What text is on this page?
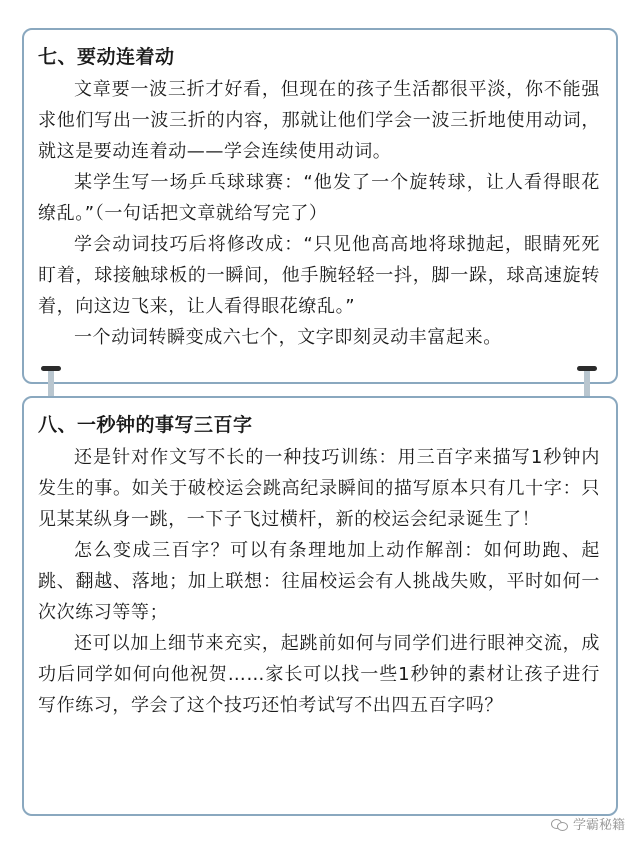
七、要动连着动

文章要一波三折才好看，但现在的孩子生活都很平淡，你不能强求他们写出一波三折的内容，那就让他们学会一波三折地使用动词，就这是要动连着动——学会连续使用动词。

某学生写一场乒乓球球赛：“他发了一个旋转球，让人看得眼花缭乱。”（一句话把文章就给写完了）

学会动词技巧后将修改成：“只见他高高地将球抛起，眼睛死死盯着，球接触球板的一瞬间，他手腕轻轻一抖，脚一跺，球高速旋转着，向这边飞来，让人看得眼花缭乱。”

一个动词转瞬变成六七个，文字即刻灵动丰富起来。

八、一秒钟的事写三百字

还是针对作文写不长的一种技巧训练：用三百字来描写1秒钟内发生的事。如关于破校运会跳高纪录瞬间的描写原本只有几十字：只见某某纵身一跳，一下子飞过横杆，新的校运会纪录诞生了！

怎么变成三百字？可以有条理地加上动作解剖：如何助跑、起跳、翻越、落地；加上联想：往届校运会有人挑战失败，平时如何一次次练习等等；

还可以加上细节来充实，起跳前如何与同学们进行眼神交流，成功后同学如何向他祝贺……家长可以找一些1秒钟的素材让孩子进行写作练习，学会了这个技巧还怕考试写不出四五百字吗？

学霸秘籍
